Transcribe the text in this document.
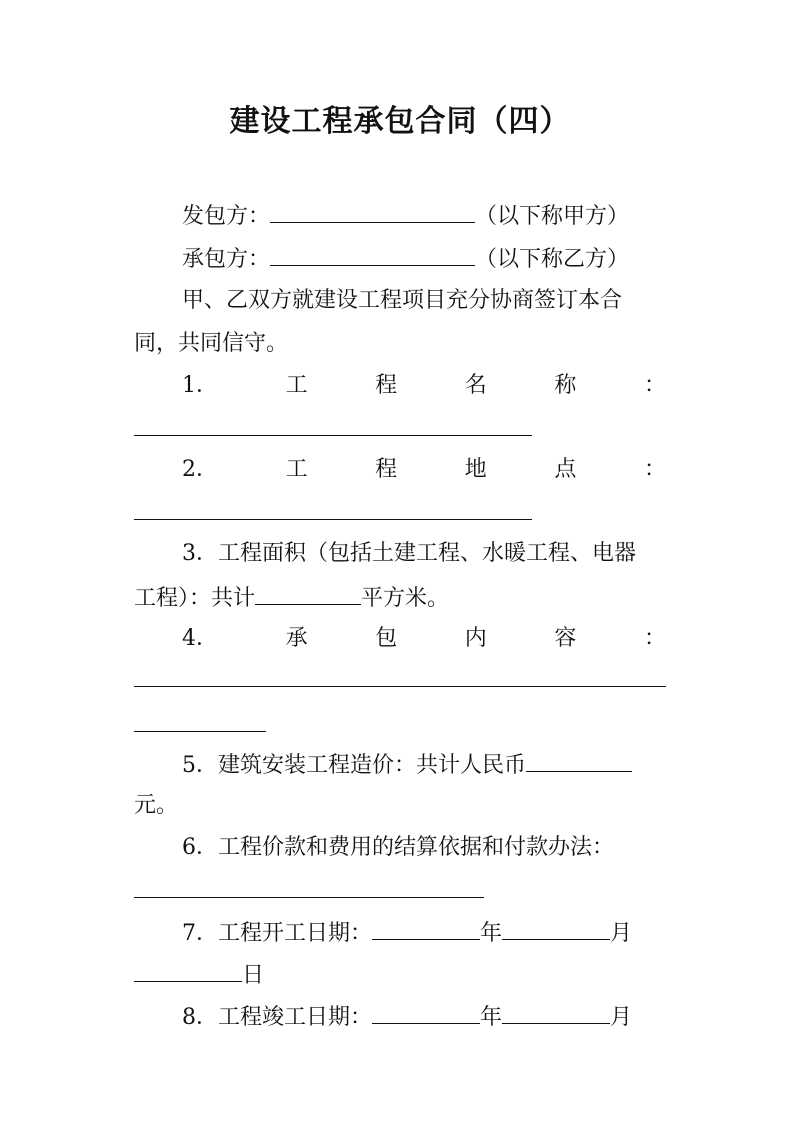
建设工程承包合同（四）
发包方：	（以下称甲方）
承包方：	（以下称乙方）
甲、乙双方就建设工程项目充分协商签订本合
同，共同信守。
1．	工	程	名	称	：
2．	工	程	地	点	：
3．工程面积（包括土建工程、水暖工程、电器
工程）：共计	平方米。
4．	承	包	内	容	：
5．建筑安装工程造价：共计人民币
元。
6．工程价款和费用的结算依据和付款办法：
7．工程开工日期：	年	月
日
8．工程竣工日期：	年	月
